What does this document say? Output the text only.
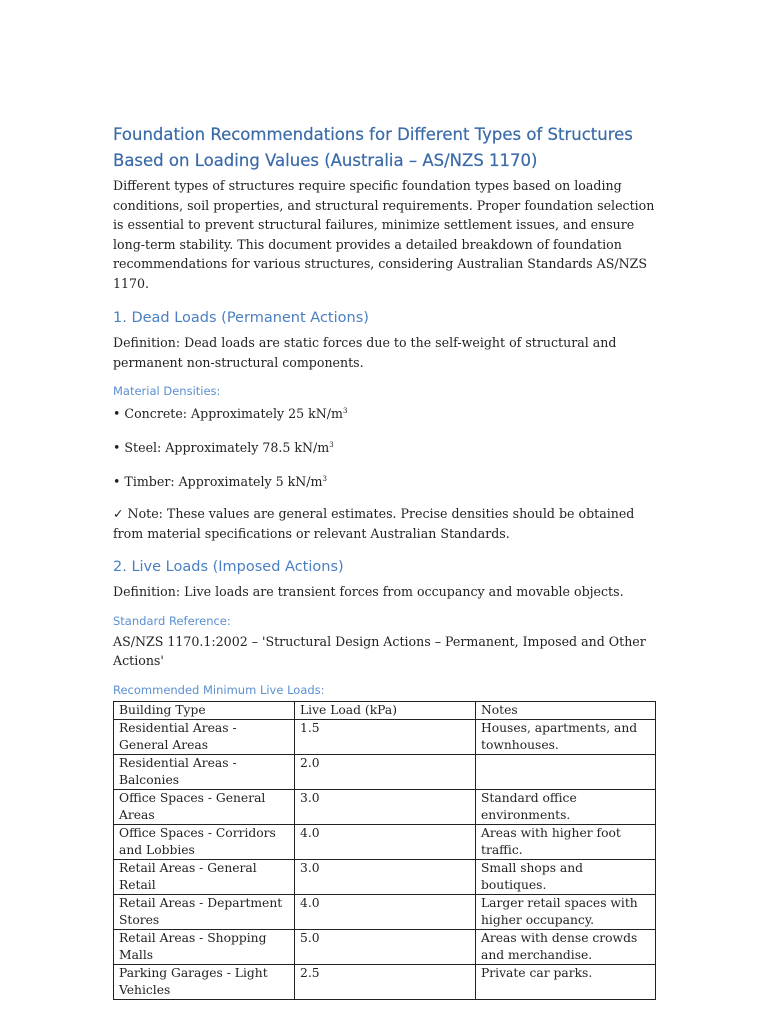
Foundation Recommendations for Different Types of Structures Based on Loading Values (Australia – AS/NZS 1170)

Different types of structures require specific foundation types based on loading conditions, soil properties, and structural requirements. Proper foundation selection is essential to prevent structural failures, minimize settlement issues, and ensure long-term stability. This document provides a detailed breakdown of foundation recommendations for various structures, considering Australian Standards AS/NZS 1170.

1. Dead Loads (Permanent Actions)

Definition: Dead loads are static forces due to the self-weight of structural and permanent non-structural components.

Material Densities:

• Concrete: Approximately 25 $kN/m^3$

• Steel: Approximately 78.5 $kN/m^3$

• Timber: Approximately 5 $kN/m^3$

✓ Note: These values are general estimates. Precise densities should be obtained from material specifications or relevant Australian Standards.

2. Live Loads (Imposed Actions)

Definition: Live loads are transient forces from occupancy and movable objects.

Standard Reference:

AS/NZS 1170.1:2002 – 'Structural Design Actions – Permanent, Imposed and Other Actions'

Recommended Minimum Live Loads:
Building Type	Live Load (kPa)	Notes
Residential Areas - General Areas	1.5	Houses, apartments, and townhouses.
Residential Areas - Balconies	2.0	
Office Spaces - General Areas	3.0	Standard office environments.
Office Spaces - Corridors and Lobbies	4.0	Areas with higher foot traffic.
Retail Areas - General Retail	3.0	Small shops and boutiques.
Retail Areas - Department Stores	4.0	Larger retail spaces with higher occupancy.
Retail Areas - Shopping Malls	5.0	Areas with dense crowds and merchandise.
Parking Garages - Light Vehicles	2.5	Private car parks.
